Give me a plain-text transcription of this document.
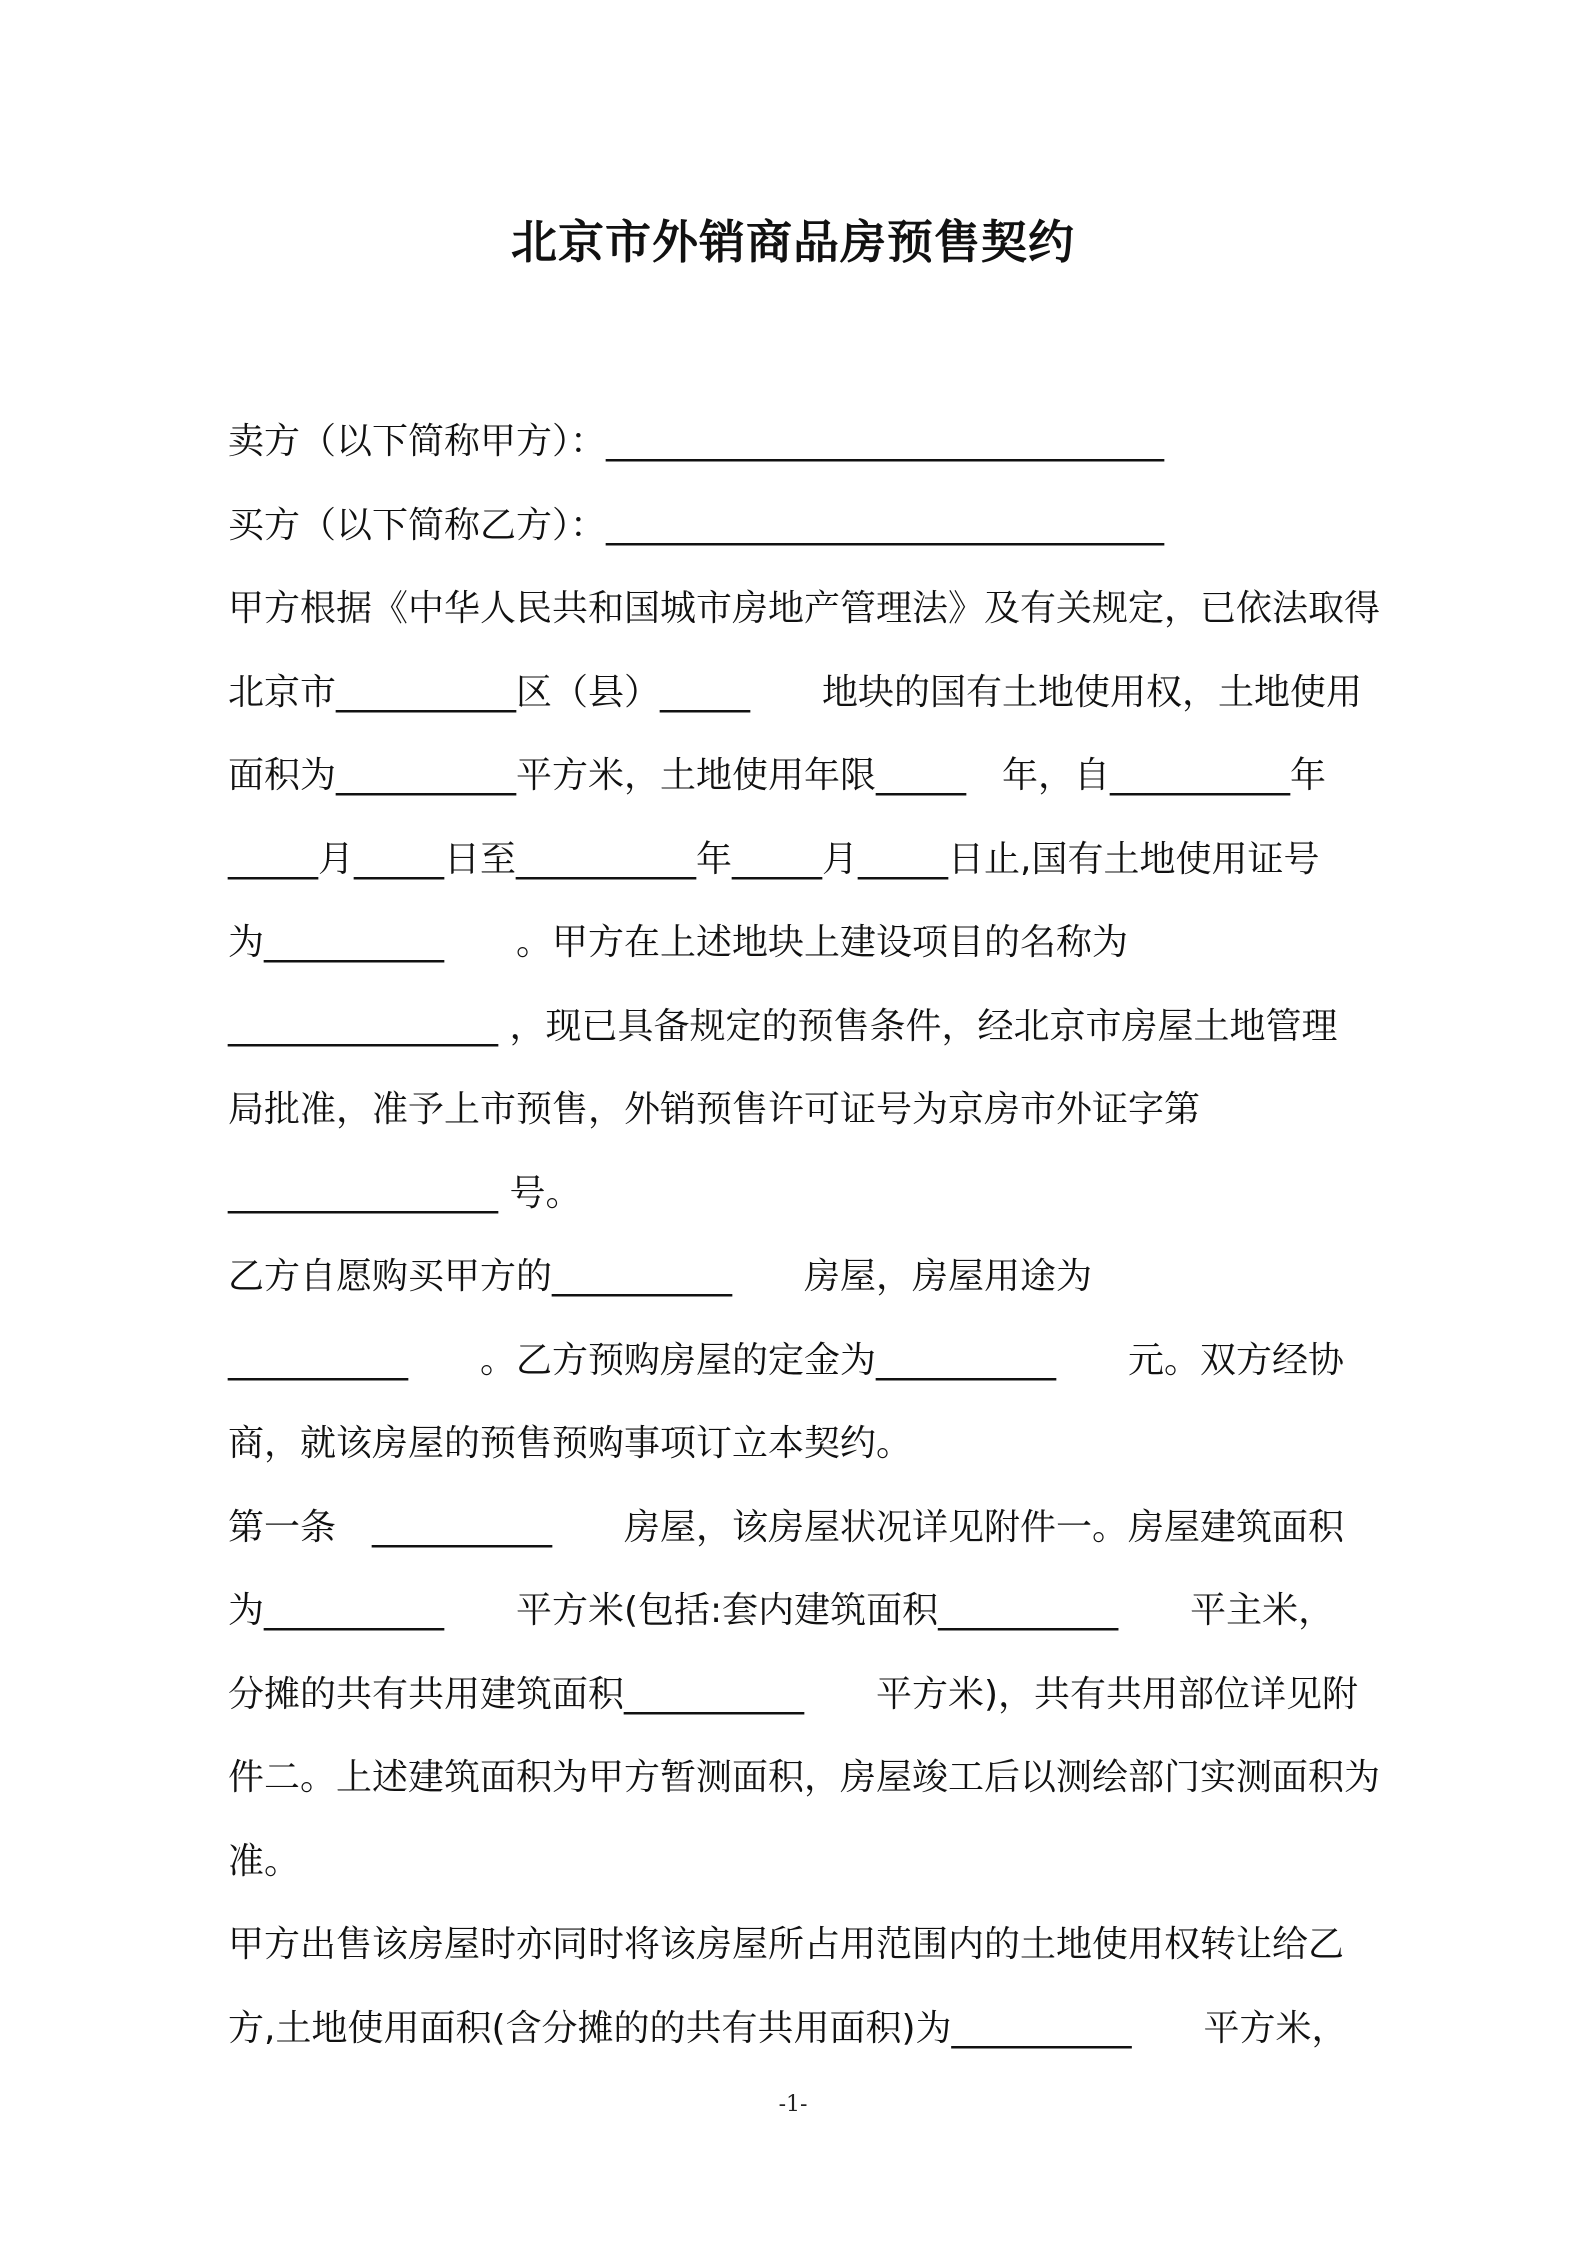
北京市外销商品房预售契约
卖方（以下简称甲方）：_______________________________
买方（以下简称乙方）：_______________________________
甲方根据《中华人民共和国城市房地产管理法》及有关规定，已依法取得
北京市__________区（县）_____　　地块的国有土地使用权，土地使用
面积为__________平方米，土地使用年限_____　年，自__________年
_____月_____日至__________年_____月_____日止,国有土地使用证号
为__________　　。甲方在上述地块上建设项目的名称为
_______________ ，现已具备规定的预售条件，经北京市房屋土地管理
局批准，准予上市预售，外销预售许可证号为京房市外证字第
_______________ 号。
乙方自愿购买甲方的__________　　房屋，房屋用途为
__________　　。乙方预购房屋的定金为__________　　元。双方经协
商，就该房屋的预售预购事项订立本契约。
第一条　__________　　房屋，该房屋状况详见附件一。房屋建筑面积
为__________　　平方米(包括:套内建筑面积__________　　平主米，
分摊的共有共用建筑面积__________　　平方米)，共有共用部位详见附
件二。上述建筑面积为甲方暂测面积，房屋竣工后以测绘部门实测面积为
准。
甲方出售该房屋时亦同时将该房屋所占用范围内的土地使用权转让给乙
方,土地使用面积(含分摊的的共有共用面积)为__________　　平方米，
-1-
